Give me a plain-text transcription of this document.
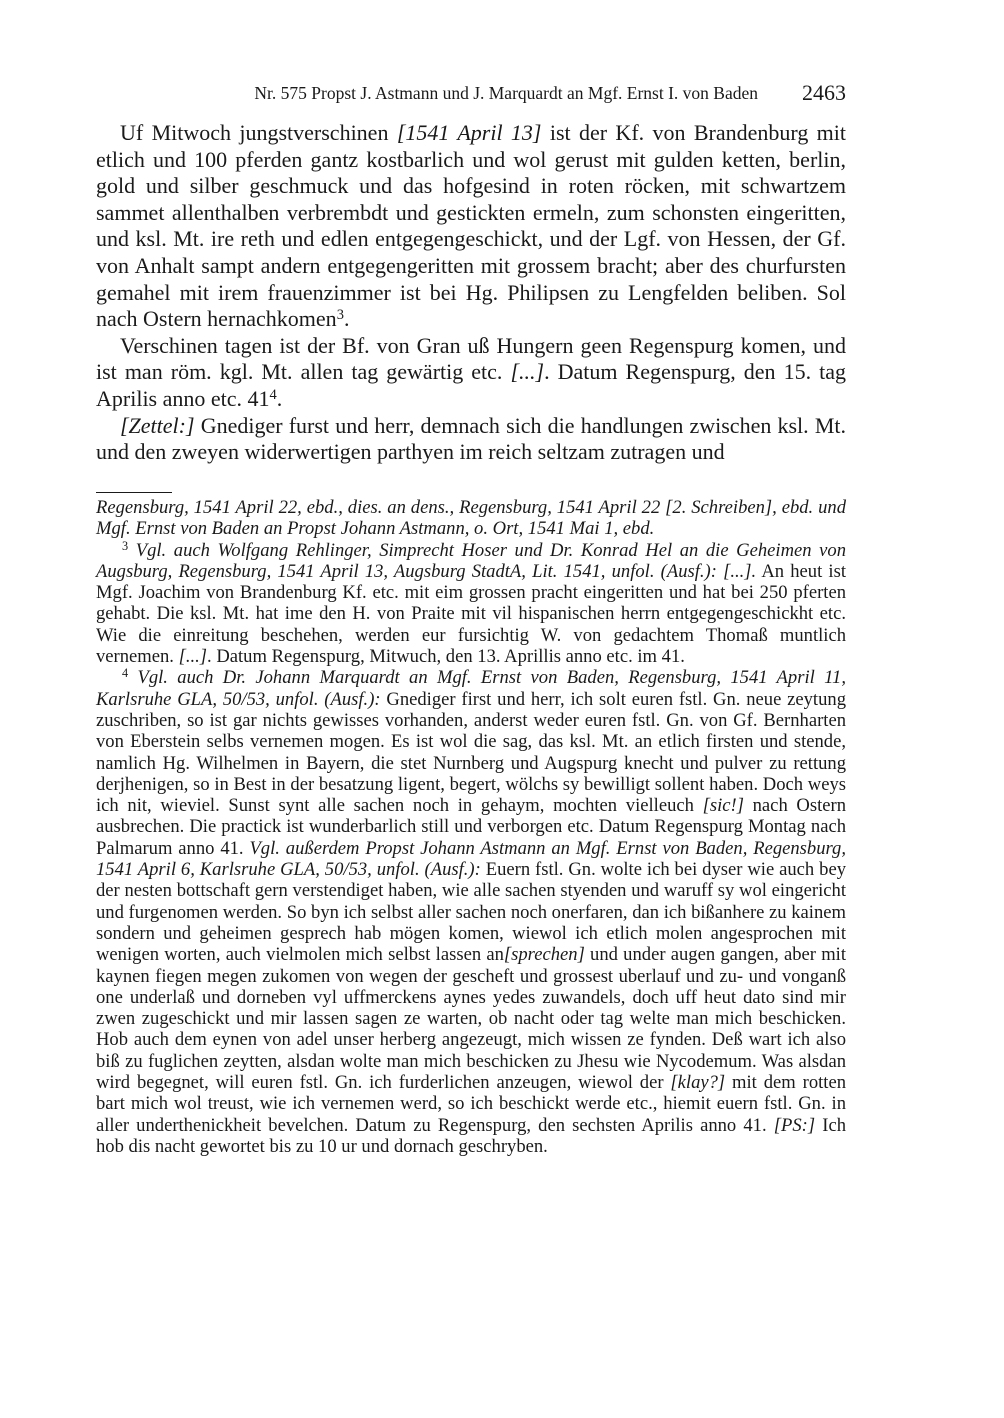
Nr. 575 Propst J. Astmann und J. Marquardt an Mgf. Ernst I. von Baden 2463

Uf Mitwoch jungstverschinen [1541 April 13] ist der Kf. von Brandenburg mit etlich und 100 pferden gantz kostbarlich und wol gerust mit gulden ketten, berlin, gold und silber geschmuck und das hofgesind in roten röcken, mit schwartzem sammet allenthalben verbrembdt und gestickten ermeln, zum schonsten eingeritten, und ksl. Mt. ire reth und edlen entgegengeschickt, und der Lgf. von Hessen, der Gf. von Anhalt sampt andern entgegengeritten mit grossem bracht; aber des churfursten gemahel mit irem frauenzimmer ist bei Hg. Philipsen zu Lengfelden beliben. Sol nach Ostern hernachkomen$^3$.

Verschinen tagen ist der Bf. von Gran uß Hungern geen Regenspurg komen, und ist man röm. kgl. Mt. allen tag gewärtig etc. [...]. Datum Regenspurg, den 15. tag Aprilis anno etc. $41^4$.

[Zettel:] Gnediger furst und herr, demnach sich die handlungen zwischen ksl. Mt. und den zweyen widerwertigen parthyen im reich seltzam zutragen und

Regensburg, 1541 April 22, ebd., dies. an dens., Regensburg, 1541 April 22 [2. Schreiben], ebd. und Mgf. Ernst von Baden an Propst Johann Astmann, o. Ort, 1541 Mai 1, ebd.

$^3$ Vgl. auch Wolfgang Rehlinger, Simprecht Hoser und Dr. Konrad Hel an die Geheimen von Augsburg, Regensburg, 1541 April 13, Augsburg StadtA, Lit. 1541, unfol. (Ausf.): [...]. An heut ist Mgf. Joachim von Brandenburg Kf. etc. mit eim grossen pracht eingeritten und hat bei 250 pferten gehabt. Die ksl. Mt. hat ime den H. von Praite mit vil hispanischen herrn entgegengeschickht etc. Wie die einreitung beschehen, werden eur fursichtig W. von gedachtem Thomaß muntlich vernemen. [...]. Datum Regenspurg, Mitwuch, den 13. Aprillis anno etc. im 41.

$^4$ Vgl. auch Dr. Johann Marquardt an Mgf. Ernst von Baden, Regensburg, 1541 April 11, Karlsruhe GLA, 50/53, unfol. (Ausf.): Gnediger first und herr, ich solt euren fstl. Gn. neue zeytung zuschriben, so ist gar nichts gewisses vorhanden, anderst weder euren fstl. Gn. von Gf. Bernharten von Eberstein selbs vernemen mogen. Es ist wol die sag, das ksl. Mt. an etlich firsten und stende, namlich Hg. Wilhelmen in Bayern, die stet Nurnberg und Augspurg knecht und pulver zu rettung derjhenigen, so in Best in der besatzung ligent, begert, wölchs sy bewilligt sollent haben. Doch weys ich nit, wieviel. Sunst synt alle sachen noch in gehaym, mochten vielleuch [sic!] nach Ostern ausbrechen. Die practick ist wunderbarlich still und verborgen etc. Datum Regenspurg Montag nach Palmarum anno 41. Vgl. außerdem Propst Johann Astmann an Mgf. Ernst von Baden, Regensburg, 1541 April 6, Karlsruhe GLA, 50/53, unfol. (Ausf.): Euern fstl. Gn. wolte ich bei dyser wie auch bey der nesten bottschaft gern verstendiget haben, wie alle sachen styenden und waruff sy wol eingericht und furgenomen werden. So byn ich selbst aller sachen noch onerfaren, dan ich bißanhere zu kainem sondern und geheimen gesprech hab mögen komen, wiewol ich etlich molen angesprochen mit wenigen worten, auch vielmolen mich selbst lassen an[sprechen] und under augen gangen, aber mit kaynen fiegen megen zukomen von wegen der gescheft und grossest uberlauf und zu- und vonganß one underlaß und dorneben vyl uffmerckens aynes yedes zuwandels, doch uff heut dato sind mir zwen zugeschickt und mir lassen sagen ze warten, ob nacht oder tag welte man mich beschicken. Hob auch dem eynen von adel unser herberg angezeugt, mich wissen ze fynden. Deß wart ich also biß zu fuglichen zeytten, alsdan wolte man mich beschicken zu Jhesu wie Nycodemum. Was alsdan wird begegnet, will euren fstl. Gn. ich furderlichen anzeugen, wiewol der [klay?] mit dem rotten bart mich wol treust, wie ich vernemen werd, so ich beschickt werde etc., hiemit euern fstl. Gn. in aller underthenickheit bevelchen. Datum zu Regenspurg, den sechsten Aprilis anno 41. [PS:] Ich hob dis nacht gewortet bis zu 10 ur und dornach geschryben.
